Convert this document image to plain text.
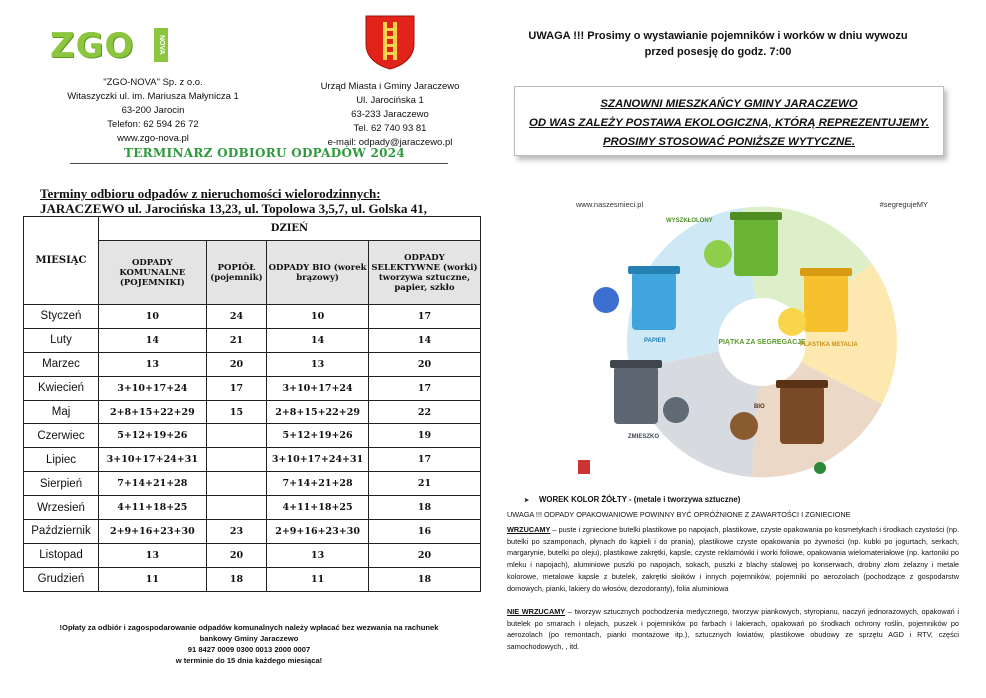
ZGO	NOVA
"ZGO-NOVA" Sp. z o.o.
Witaszyczki ul. im. Mariusza Małynicza 1
63-200 Jarocin
Telefon: 62 594 26 72
www.zgo-nova.pl
Urząd Miasta i Gminy Jaraczewo
Ul. Jarocińska 1
63-233 Jaraczewo
Tel. 62 740 93 81
e-mail: odpady@jaraczewo.pl
TERMINARZ ODBIORU ODPADÓW 2024
Terminy odbioru odpadów z nieruchomości wielorodzinnych:
JARACZEWO ul. Jarocińska 13,23, ul. Topolowa 3,5,7, ul. Golska 41,
MIESIĄC	DZIEŃ			
	ODPADY KOMUNALNE (POJEMNIKI)	POPIÓŁ (pojemnik)	ODPADY BIO (worek brązowy)	ODPADY SELEKTYWNE (worki) tworzywa sztuczne, papier, szkło
Styczeń	10	24	10	17
Luty	14	21	14	14
Marzec	13	20	13	20
Kwiecień	3+10+17+24	17	3+10+17+24	17
Maj	2+8+15+22+29	15	2+8+15+22+29	22
Czerwiec	5+12+19+26		5+12+19+26	19
Lipiec	3+10+17+24+31		3+10+17+24+31	17
Sierpień	7+14+21+28		7+14+21+28	21
Wrzesień	4+11+18+25		4+11+18+25	18
Październik	2+9+16+23+30	23	2+9+16+23+30	16
Listopad	13	20	13	20
Grudzień	11	18	11	18
!Opłaty za odbiór i zagospodarowanie odpadów komunalnych należy wpłacać bez wezwania na rachunek
bankowy Gminy Jaraczewo
91 8427 0009 0300 0013 2000 0007
w terminie do 15 dnia każdego miesiąca!
UWAGA !!! Prosimy o wystawianie pojemników i worków w dniu wywozu
przed posesję do godz. 7:00
SZANOWNI MIESZKAŃCY GMINY JARACZEWO
OD WAS ZALEŻY POSTAWA EKOLOGICZNA, KTÓRĄ REPREZENTUJEMY.
PROSIMY STOSOWAĆ PONIŻSZE WYTYCZNE.
www.naszesmieci.pl	#segregujeMY
PIĄTKA ZA SEGREGACJĘ
WYSZKŁOLONY
PAPIER
PLASTIKA METALIA
BIO
ZMIESZKO
➤ WOREK KOLOR ŻÓŁTY - (metale i tworzywa sztuczne)
UWAGA !!! ODPADY OPAKOWANIOWE POWINNY BYĆ OPRÓŻNIONE Z ZAWARTOŚCI I ZGNIECIONE
WRZUCAMY – puste i zgniecione butelki plastikowe po napojach, plastikowe, czyste opakowania po kosmetykach i środkach czystości (np. butelki po szamponach, płynach do kąpieli i do prania), plastikowe czyste opakowania po żywności (np. kubki po jogurtach, serkach, margarynie, butelki po oleju), plastikowe zakrętki, kapsle, czyste reklamówki i worki foliowe, opakowania wielomateriałowe (np. kartoniki po mleku i napojach), aluminiowe puszki po napojach, sokach, puszki z blachy stalowej po konserwach, drobny złom żelazny i metale kolorowe, metalowe kapsle z butelek, zakrętki słoików i innych pojemników, pojemniki po aerozolach (pochodzące z gospodarstw domowych, pianki, lakiery do włosów, dezodoranty), folia aluminiowa
NIE WRZUCAMY – tworzyw sztucznych pochodzenia medycznego, tworzyw piankowych, styropianu, naczyń jednorazowych, opakowań i butelek po smarach i olejach, puszek i pojemników po farbach i lakierach, opakowań po środkach ochrony roślin, pojemników po aerozolach (po remontach, pianki montażowe itp.), sztucznych kwiatów, plastikowe obudowy ze sprzętu AGD i RTV, części samochodowych, , itd.
